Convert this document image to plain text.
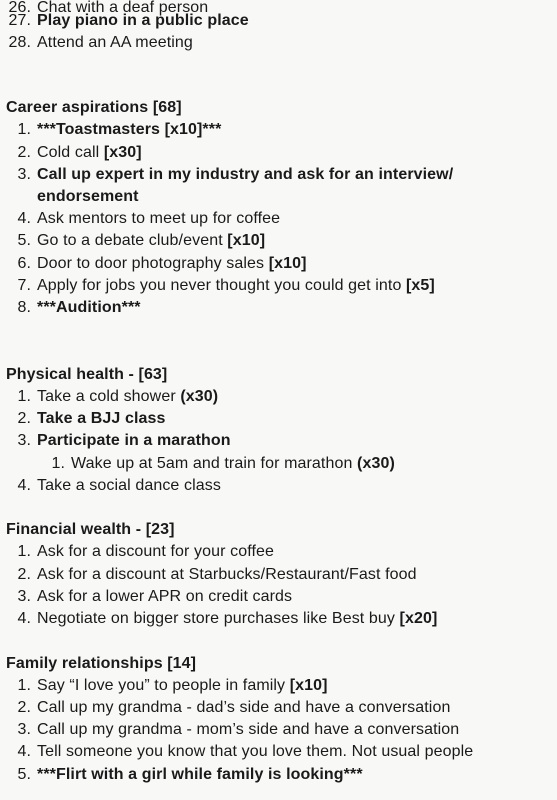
26. Chat with a deaf person
27. Play piano in a public place
28. Attend an AA meeting
Career aspirations [68]
1. ***Toastmasters [x10]***
2. Cold call [x30]
3. Call up expert in my industry and ask for an interview/
endorsement
4. Ask mentors to meet up for coffee
5. Go to a debate club/event [x10]
6. Door to door photography sales [x10]
7. Apply for jobs you never thought you could get into [x5]
8. ***Audition***
Physical health - [63]
1. Take a cold shower (x30)
2. Take a BJJ class
3. Participate in a marathon
1. Wake up at 5am and train for marathon (x30)
4. Take a social dance class
Financial wealth - [23]
1. Ask for a discount for your coffee
2. Ask for a discount at Starbucks/Restaurant/Fast food
3. Ask for a lower APR on credit cards
4. Negotiate on bigger store purchases like Best buy [x20]
Family relationships [14]
1. Say “I love you” to people in family [x10]
2. Call up my grandma - dad’s side and have a conversation
3. Call up my grandma - mom’s side and have a conversation
4. Tell someone you know that you love them. Not usual people
5. ***Flirt with a girl while family is looking***
